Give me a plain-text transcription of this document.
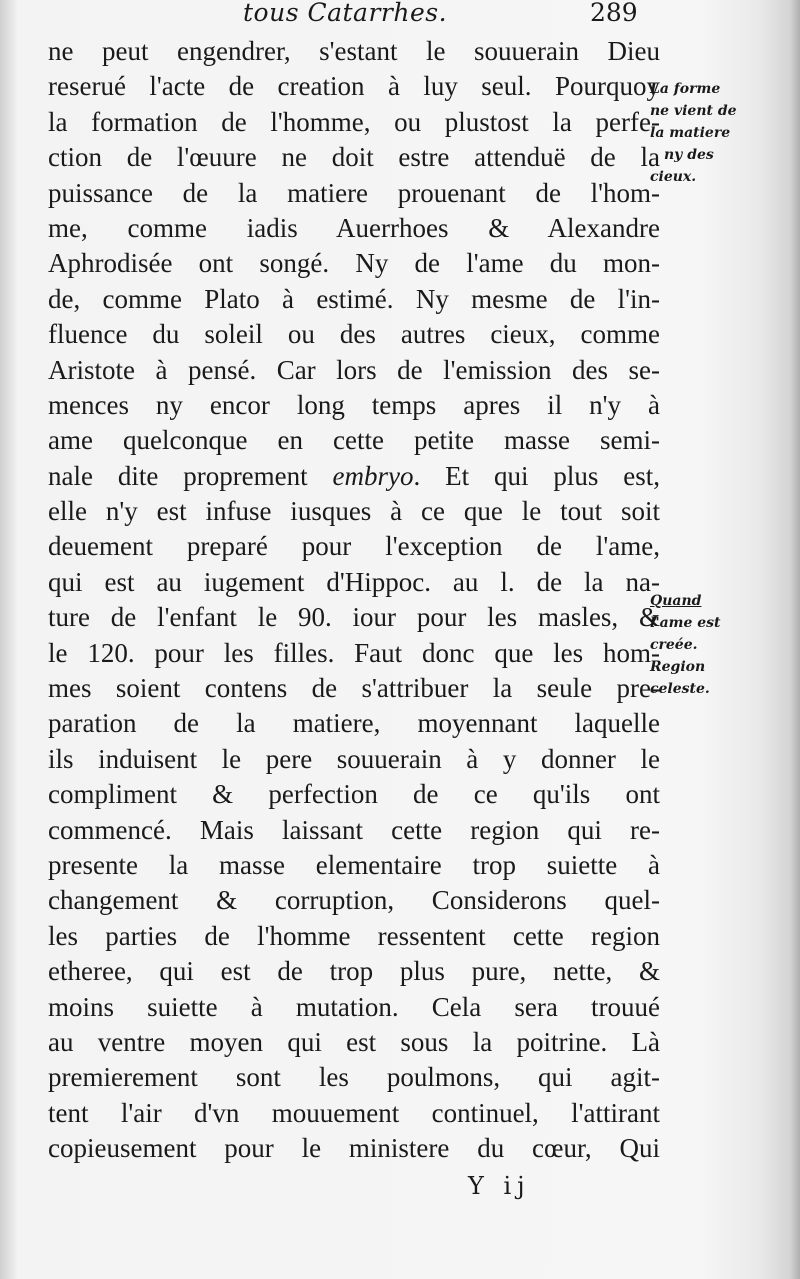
tous Catarrhes.	289
ne peut engendrer, s'estant le souuerain Dieu
reserué l'acte de creation à luy seul. Pourquoy
la formation de l'homme, ou plustost la perfe-
ction de l'œuure ne doit estre attenduë de la
puissance de la matiere prouenant de l'hom-
me, comme iadis Auerrhoes & Alexandre
Aphrodisée ont songé. Ny de l'ame du mon-
de, comme Plato à estimé. Ny mesme de l'in-
fluence du soleil ou des autres cieux, comme
Aristote à pensé. Car lors de l'emission des se-
mences ny encor long temps apres il n'y à
ame quelconque en cette petite masse semi-
nale dite proprement embryo. Et qui plus est,
elle n'y est infuse iusques à ce que le tout soit
deuement preparé pour l'exception de l'ame,
qui est au iugement d'Hippoc. au l. de la na-
ture de l'enfant le 90. iour pour les masles, &
le 120. pour les filles. Faut donc que les hom-
mes soient contens de s'attribuer la seule pre-
paration de la matiere, moyennant laquelle
ils induisent le pere souuerain à y donner le
compliment & perfection de ce qu'ils ont
commencé. Mais laissant cette region qui re-
presente la masse elementaire trop suiette à
changement & corruption, Considerons quel-
les parties de l'homme ressentent cette region
etheree, qui est de trop plus pure, nette, &
moins suiette à mutation. Cela sera trouué
au ventre moyen qui est sous la poitrine. Là
premierement sont les poulmons, qui agit-
tent l'air d'vn mouuement continuel, l'attirant
copieusement pour le ministere du cœur, Qui
La forme
ne vient de
la matiere
ny des
cieux.
Quand
l'ame est
creée.
Region
celeste.
Y ij
